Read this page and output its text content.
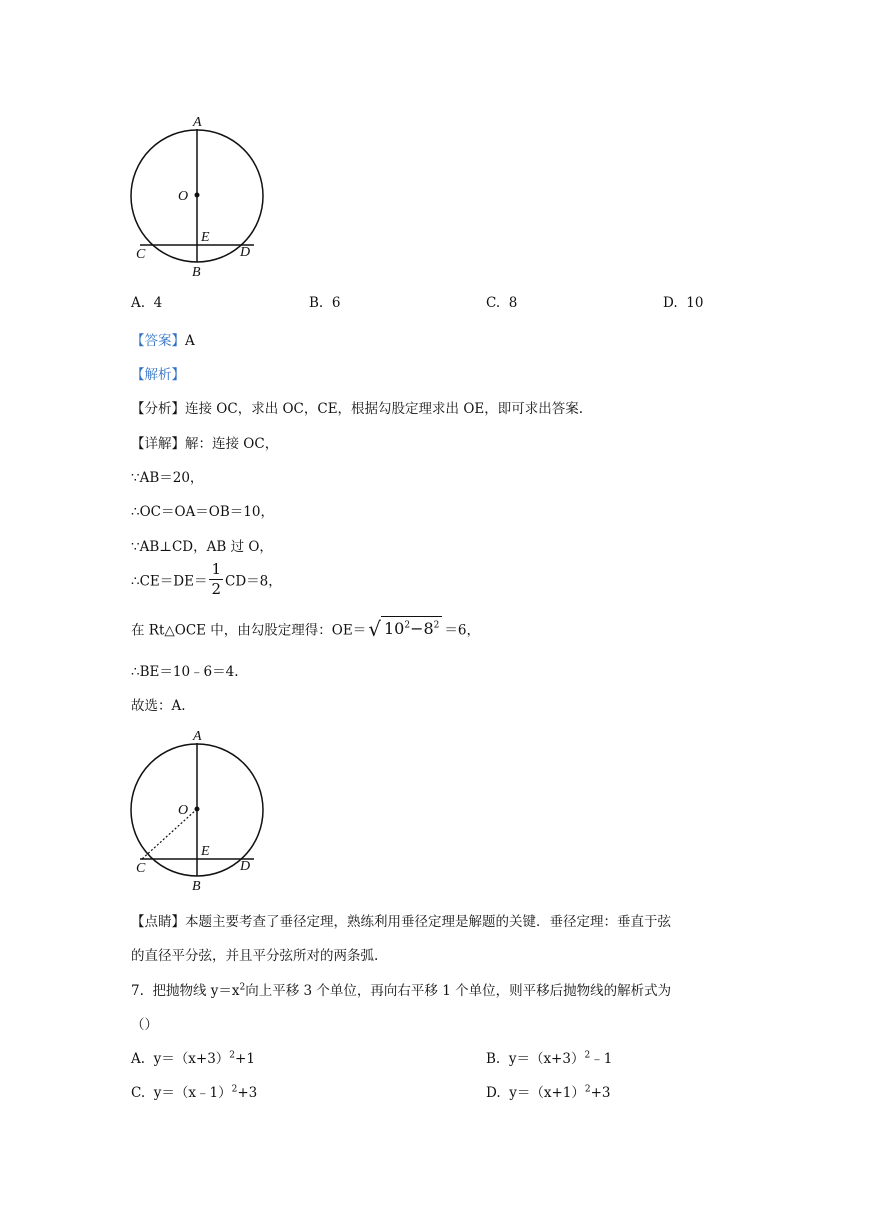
A
O
E
C	D
B
A. 4	B. 6	C. 8	D. 10
【答案】A
【解析】
【分析】连接 OC，求出 OC，CE，根据勾股定理求出 OE，即可求出答案.
【详解】解：连接 OC，
∵AB＝20，
∴OC＝OA＝OB＝10，
∵AB⊥CD，AB 过 O，
∴CE＝DE＝ $\frac{1}{2} CD=8$，
在 Rt△OCE 中，由勾股定理得：OE＝ √ $10^2-8^2 =6$，
∴BE＝10﹣6＝4.
故选：A.
A
O
E
C	D
B
【点睛】本题主要考查了垂径定理，熟练利用垂径定理是解题的关键．垂径定理：垂直于弦
的直径平分弦，并且平分弦所对的两条弧.
7. 把抛物线 $y=x^2$向上平移 3 个单位，再向右平移 1 个单位，则平移后抛物线的解析式为
（）
A. $y=(x+3)^2+1$	B. $y=(x+3)^2﹣1$
C. y＝（x﹣1）$^2$+3	D. $y=(x+1)^2+3$
